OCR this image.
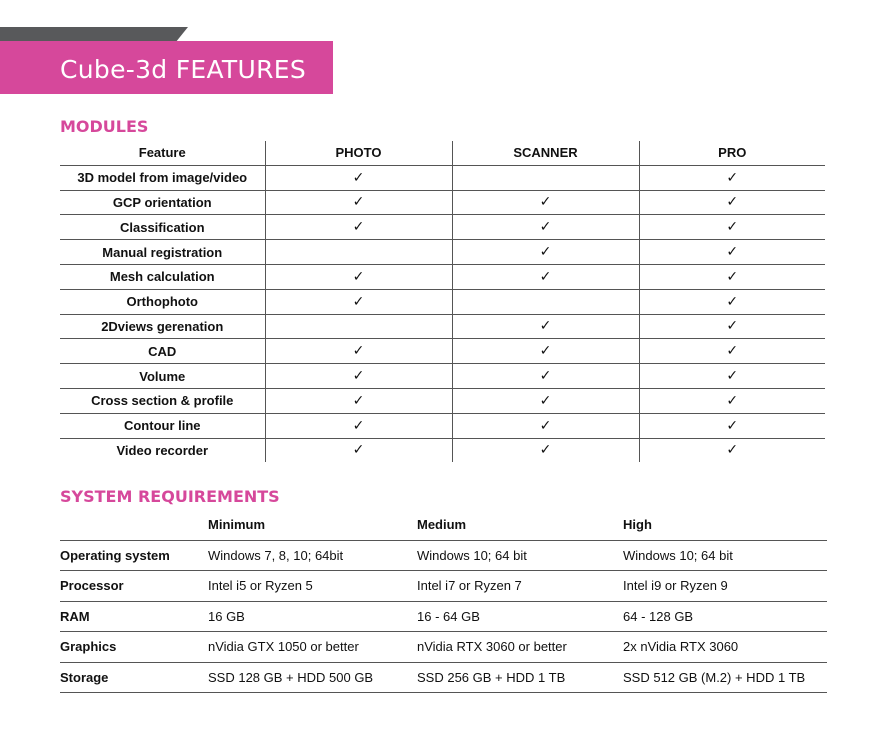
Cube-3d FEATURES
MODULES
Feature	PHOTO	SCANNER	PRO
3D model from image/video	✓		✓
GCP orientation	✓	✓	✓
Classification	✓	✓	✓
Manual registration		✓	✓
Mesh calculation	✓	✓	✓
Orthophoto	✓		✓
2Dviews gerenation		✓	✓
CAD	✓	✓	✓
Volume	✓	✓	✓
Cross section & profile	✓	✓	✓
Contour line	✓	✓	✓
Video recorder	✓	✓	✓
SYSTEM REQUIREMENTS
	Minimum	Medium	High
Operating system	Windows 7, 8, 10; 64bit	Windows 10; 64 bit	Windows 10; 64 bit
Processor	Intel i5 or Ryzen 5	Intel i7 or Ryzen 7	Intel i9 or Ryzen 9
RAM	16 GB	16 - 64 GB	64 - 128 GB
Graphics	nVidia GTX 1050 or better	nVidia RTX 3060 or better	2x nVidia RTX 3060
Storage	SSD 128 GB + HDD 500 GB	SSD 256 GB + HDD 1 TB	SSD 512 GB (M.2) + HDD 1 TB
